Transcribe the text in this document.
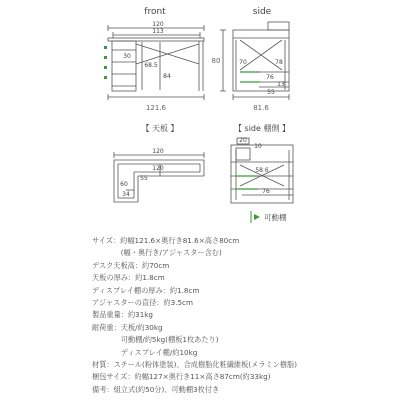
front
120
113
30
68.5
84
121.6
side
80	70	78
76
13
55
81.6
【 天板 】
120
120
55
60
34
【 side 棚側 】
20
10
58.6
76
可動棚
サイズ：約幅121.6×奥行き81.6×高さ80cm
　　　　(幅・奥行き/アジャスター含む)
デスク天板高：約70cm
天板の厚み：約1.8cm
ディスプレイ棚の厚み：約1.8cm
アジャスターの直径：約3.5cm
製品重量：約31kg
耐荷重：天板/約30kg
　　　　可動棚/約5kg(棚板1枚あたり)
　　　　ディスプレイ棚/約10kg
材質：スチール(粉体塗装)、合成樹脂化粧繊維板(メラミン樹脂)
梱包サイズ：約幅127×奥行き11×高さ87cm(約33kg)
備考：組立式(約50分)、可動棚3枚付き
